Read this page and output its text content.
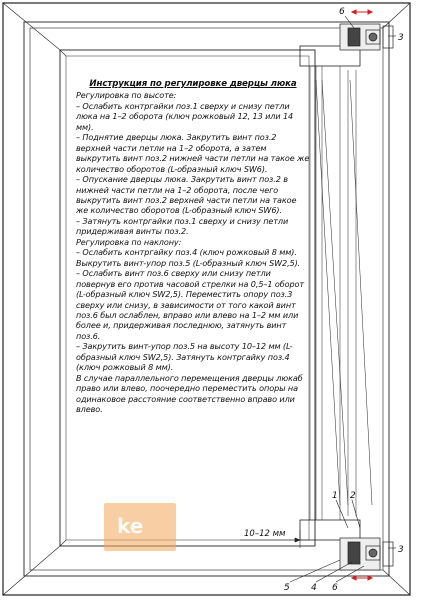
6
3
1 2
3
5 4 6
10–12 мм
ke
Инструкция по регулировке дверцы люка

Регулировка по высоте:

– Ослабить контргайки поз.1 сверху и снизу петли люка на 1–2 оборота (ключ рожковый 12, 13 или 14 мм).

– Поднятие дверцы люка. Закрутить винт поз.2 верхней части петли на 1–2 оборота, а затем выкрутить винт поз.2 нижней части петли на такое же количество оборотов (L-образный ключ SW6).

– Опускание дверцы люка. Закрутить винт поз.2 в нижней части петли на 1–2 оборота, после чего выкрутить винт поз.2 верхней части петли на такое же количество оборотов (L-образный ключ SW6).

– Затянуть контргайки поз.1 сверху и снизу петли придерживая винты поз.2.

Регулировка по наклону:

– Ослабить контргайку поз.4 (ключ рожковый 8 мм). Выкрутить винт-упор поз.5 (L-образный ключ SW2,5).

– Ослабить винт поз.6 сверху или снизу петли повернув его против часовой стрелки на 0,5–1 оборот (L-образный ключ SW2,5). Переместить опору поз.3 сверху или снизу, в зависимости от того какой винт поз.6 был ослаблен, вправо или влево на 1–2 мм или более и, придерживая последнюю, затянуть винт поз.6.

– Закрутить винт-упор поз.5 на высоту 10–12 мм (L-образный ключ SW2,5). Затянуть контргайку поз.4 (ключ рожковый 8 мм).

В случае параллельного перемещения дверцы люкаб право или влево, поочередно переместить опоры на одинаковое расстояние соответственно вправо или влево.
